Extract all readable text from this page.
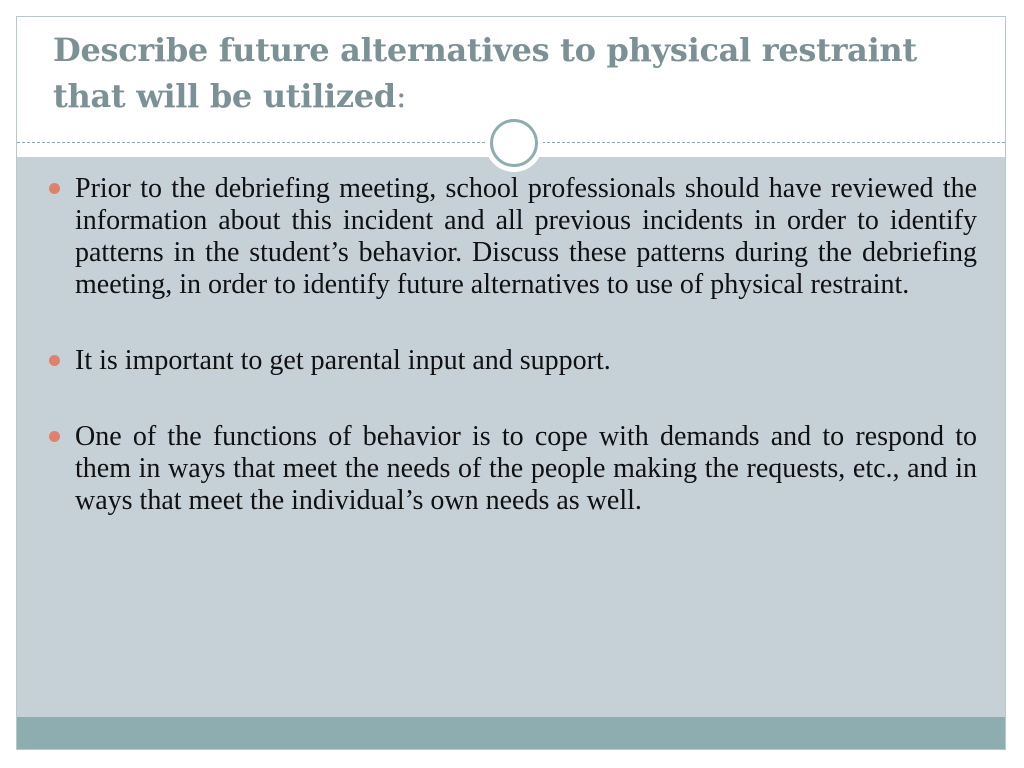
Describe future alternatives to physical restraint that will be utilized:
Prior to the debriefing meeting, school professionals should have reviewed the information about this incident and all previous incidents in order to identify patterns in the student’s behavior. Discuss these patterns during the debriefing meeting, in order to identify future alternatives to use of physical restraint.
It is important to get parental input and support.
One of the functions of behavior is to cope with demands and to respond to them in ways that meet the needs of the people making the requests, etc., and in ways that meet the individual’s own needs as well.
